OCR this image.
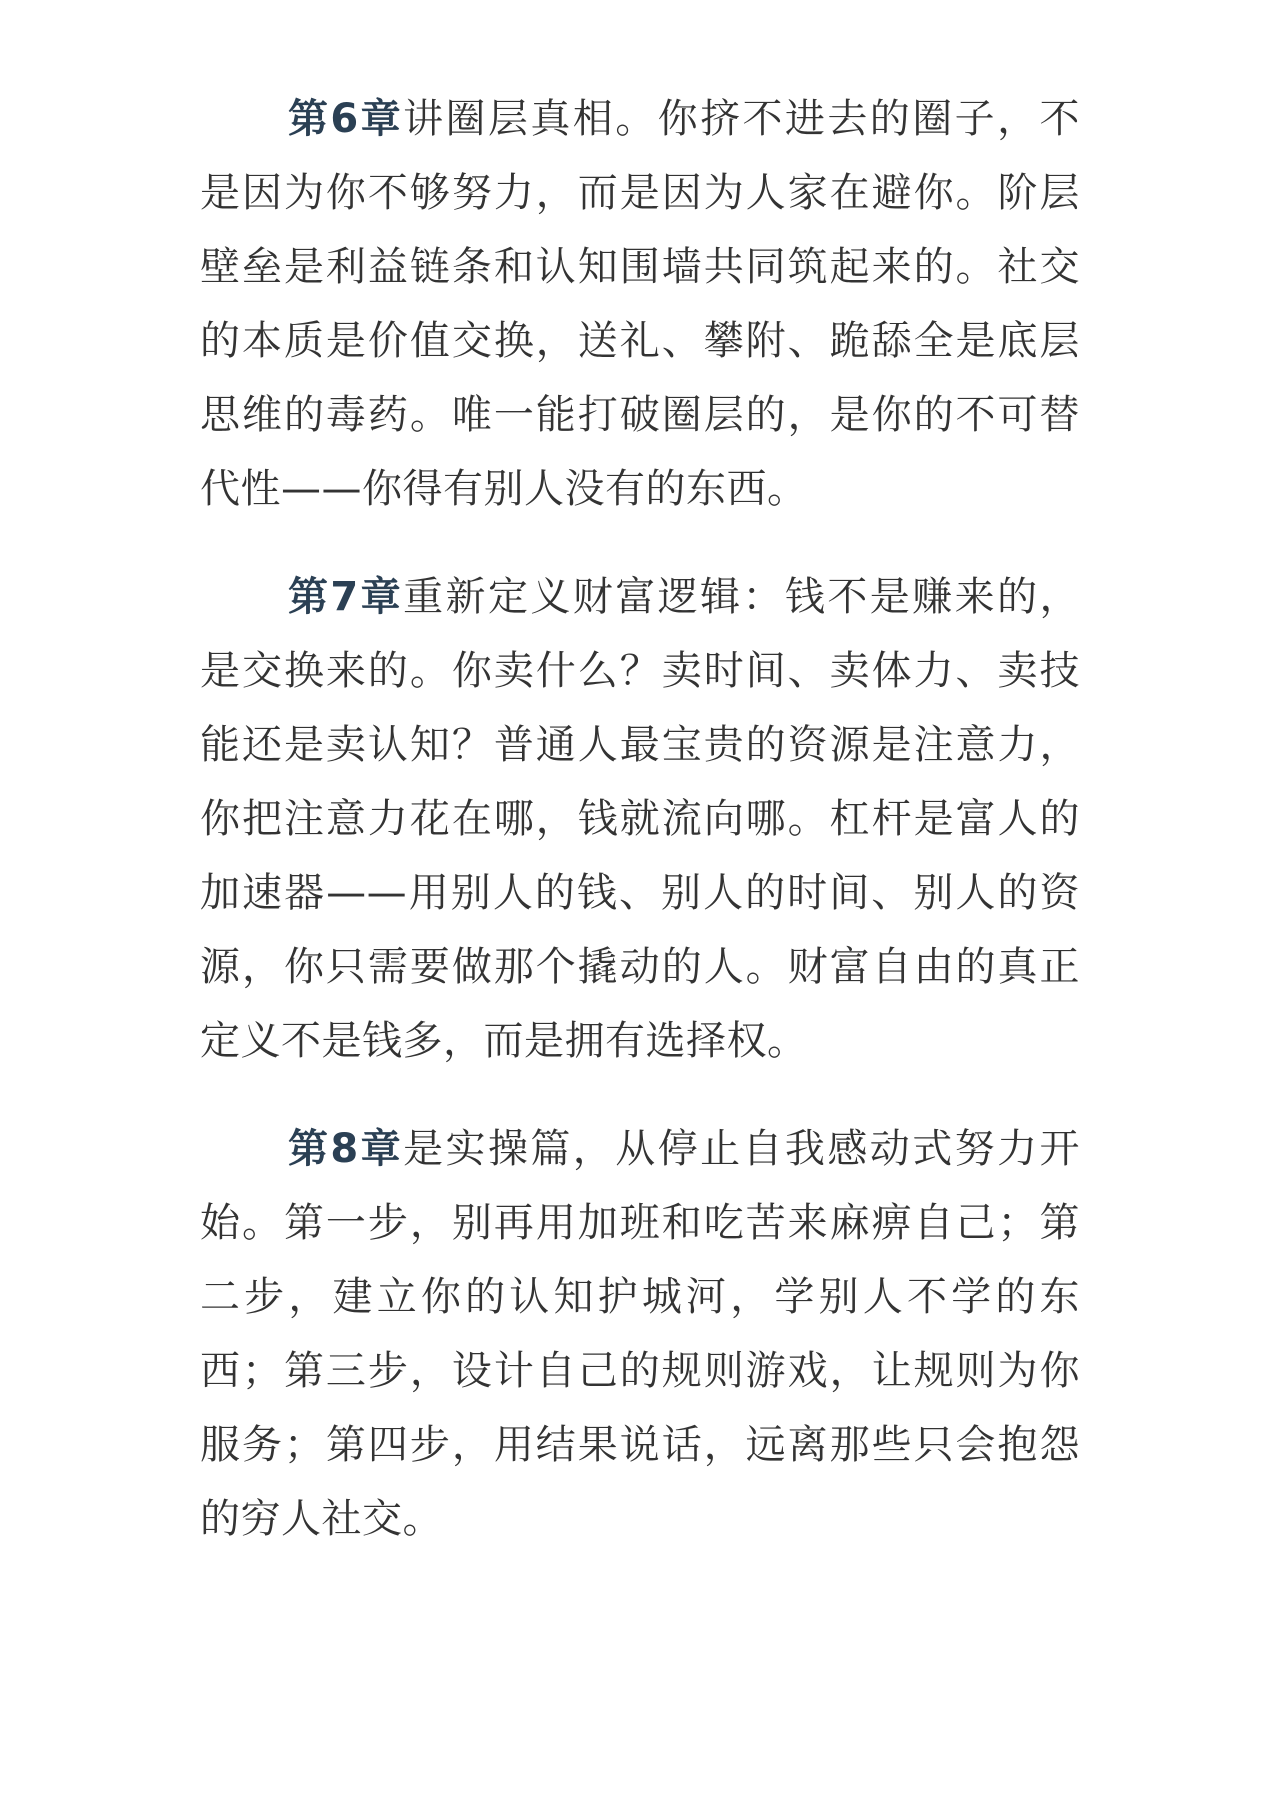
第6章讲圈层真相。你挤不进去的圈子，不是因为你不够努力，而是因为人家在避你。阶层壁垒是利益链条和认知围墙共同筑起来的。社交的本质是价值交换，送礼、攀附、跪舔全是底层思维的毒药。唯一能打破圈层的，是你的不可替代性——你得有别人没有的东西。

第7章重新定义财富逻辑：钱不是赚来的，是交换来的。你卖什么？卖时间、卖体力、卖技能还是卖认知？普通人最宝贵的资源是注意力，你把注意力花在哪，钱就流向哪。杠杆是富人的加速器——用别人的钱、别人的时间、别人的资源，你只需要做那个撬动的人。财富自由的真正定义不是钱多，而是拥有选择权。

第8章是实操篇，从停止自我感动式努力开始。第一步，别再用加班和吃苦来麻痹自己；第二步，建立你的认知护城河，学别人不学的东西；第三步，设计自己的规则游戏，让规则为你服务；第四步，用结果说话，远离那些只会抱怨的穷人社交。
